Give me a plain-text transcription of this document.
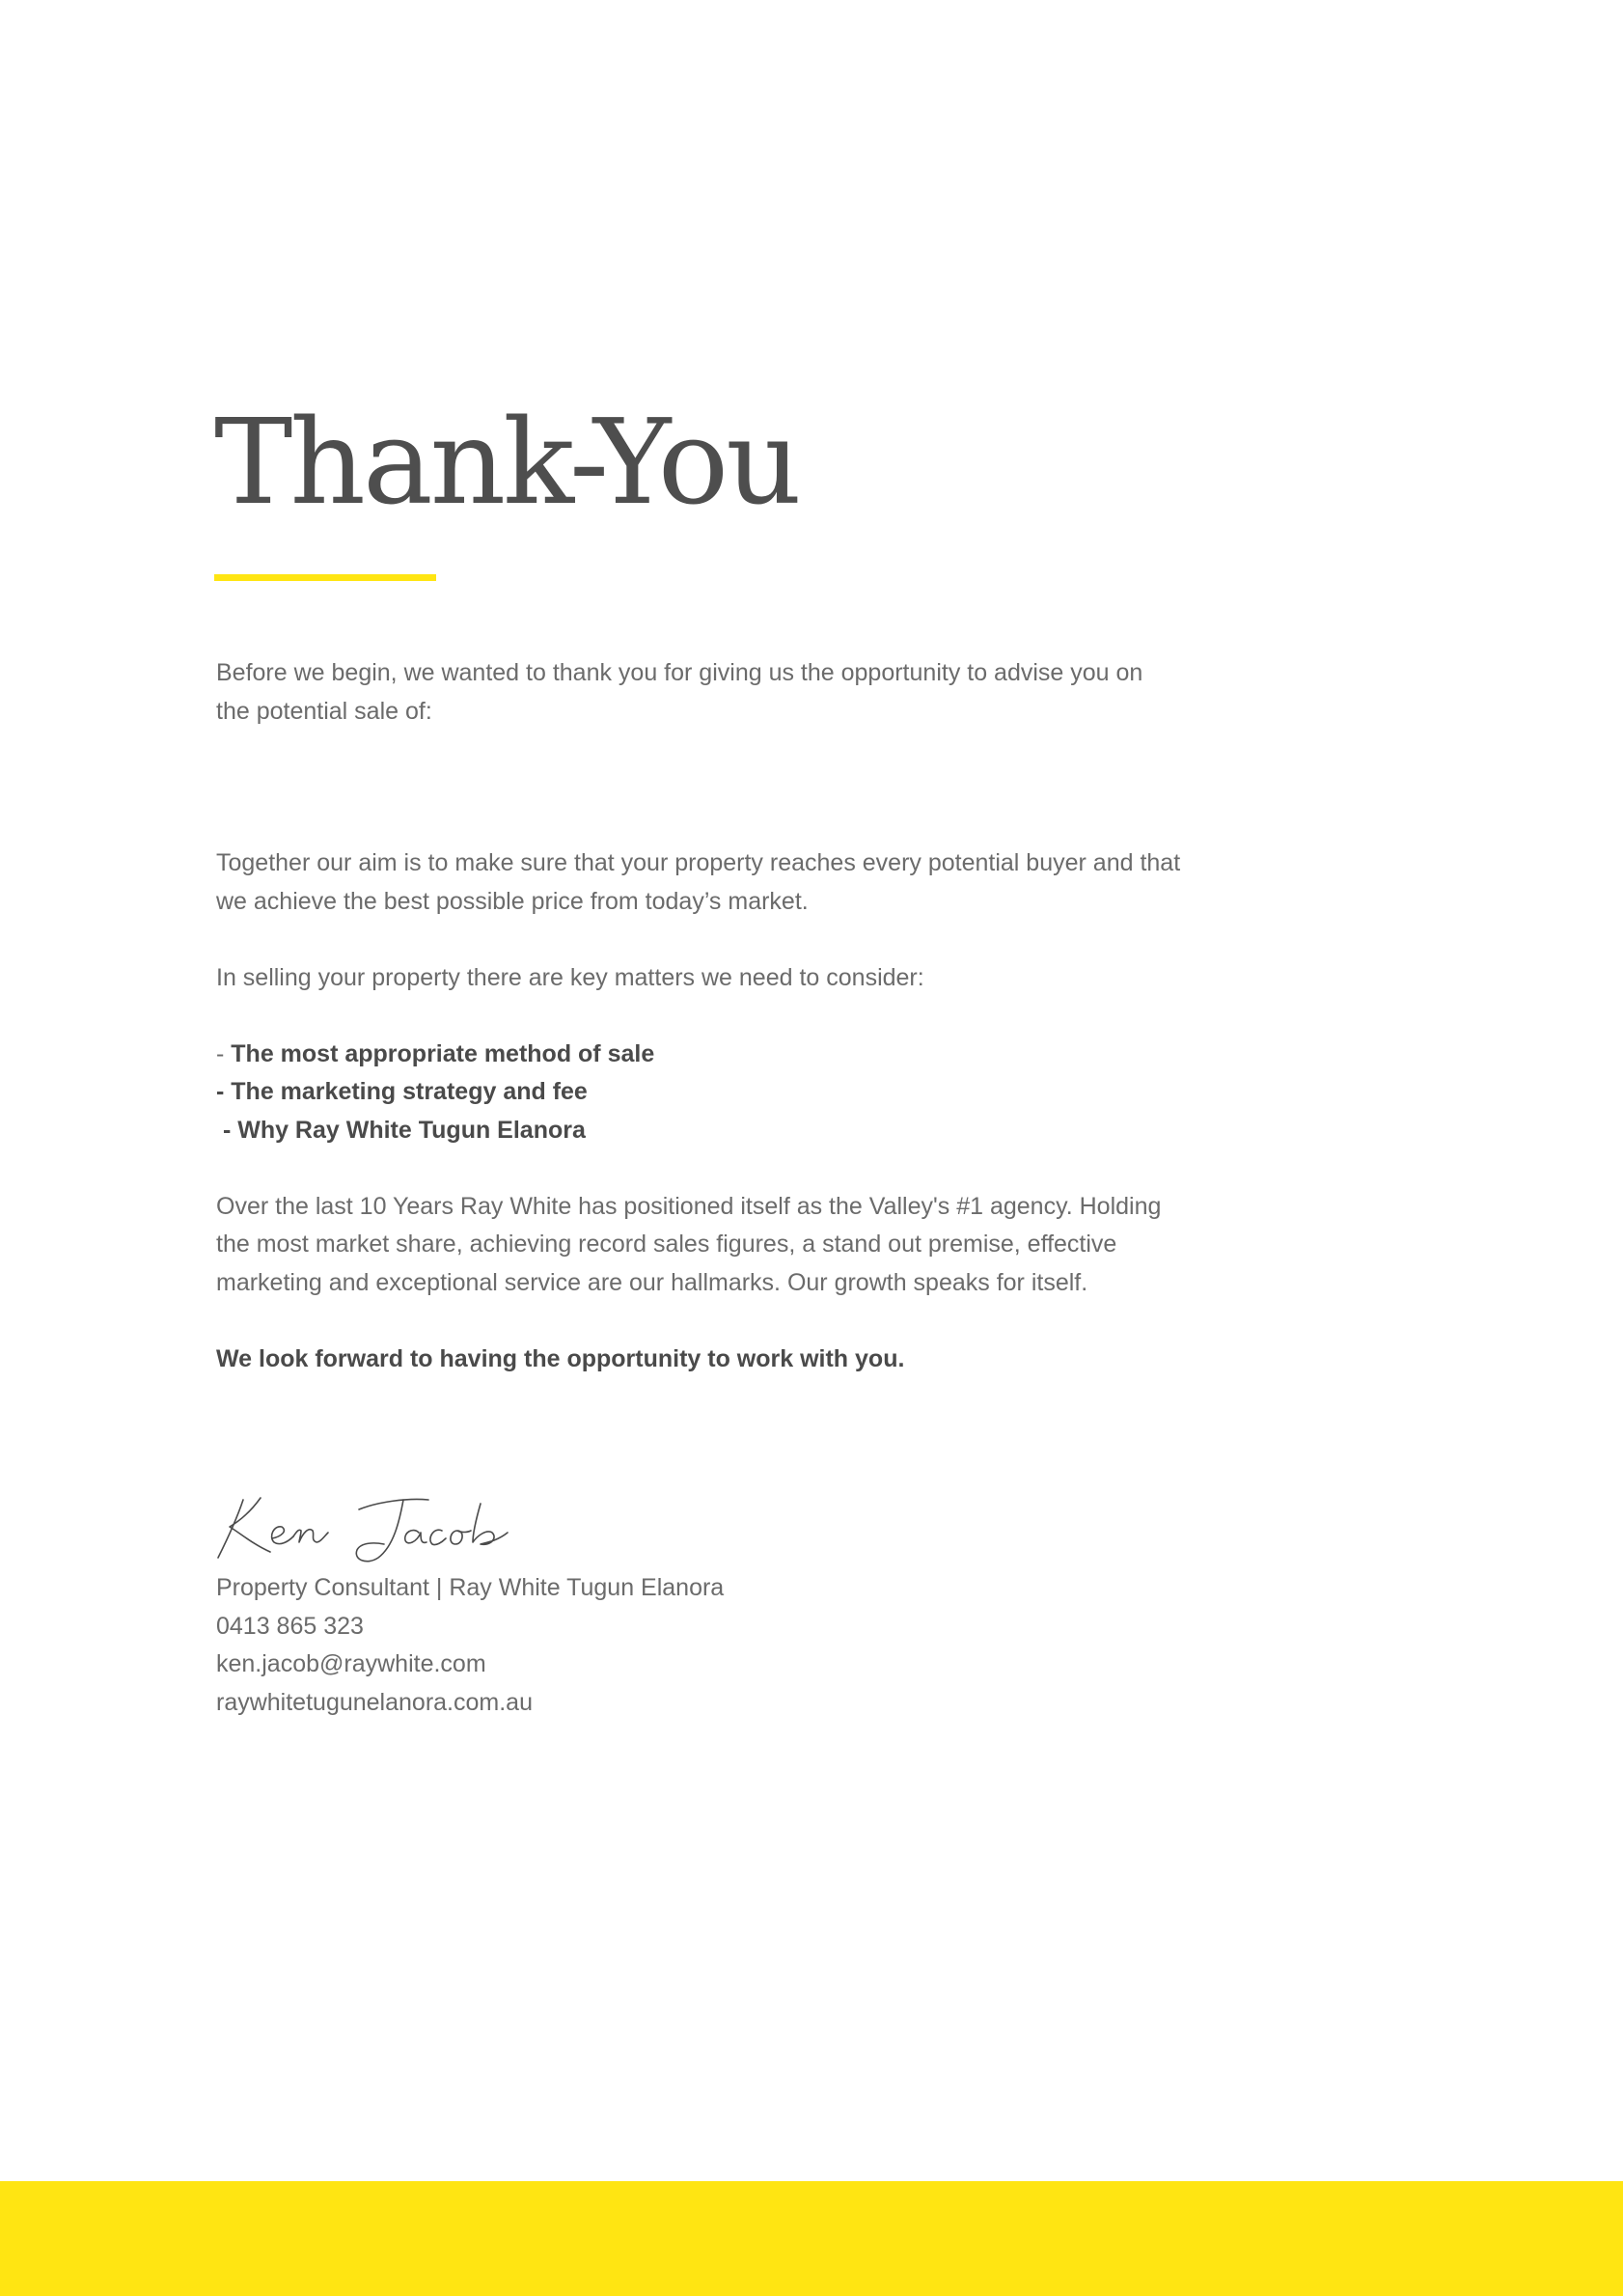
Thank-You

Before we begin, we wanted to thank you for giving us the opportunity to advise you on the potential sale of:

Together our aim is to make sure that your property reaches every potential buyer and that we achieve the best possible price from today’s market.

In selling your property there are key matters we need to consider:

- The most appropriate method of sale
- The marketing strategy and fee
- Why Ray White Tugun Elanora

Over the last 10 Years Ray White has positioned itself as the Valley's #1 agency. Holding the most market share, achieving record sales figures, a stand out premise, effective marketing and exceptional service are our hallmarks. Our growth speaks for itself.

We look forward to having the opportunity to work with you.

Property Consultant | Ray White Tugun Elanora
0413 865 323
ken.jacob@raywhite.com
raywhitetugunelanora.com.au
